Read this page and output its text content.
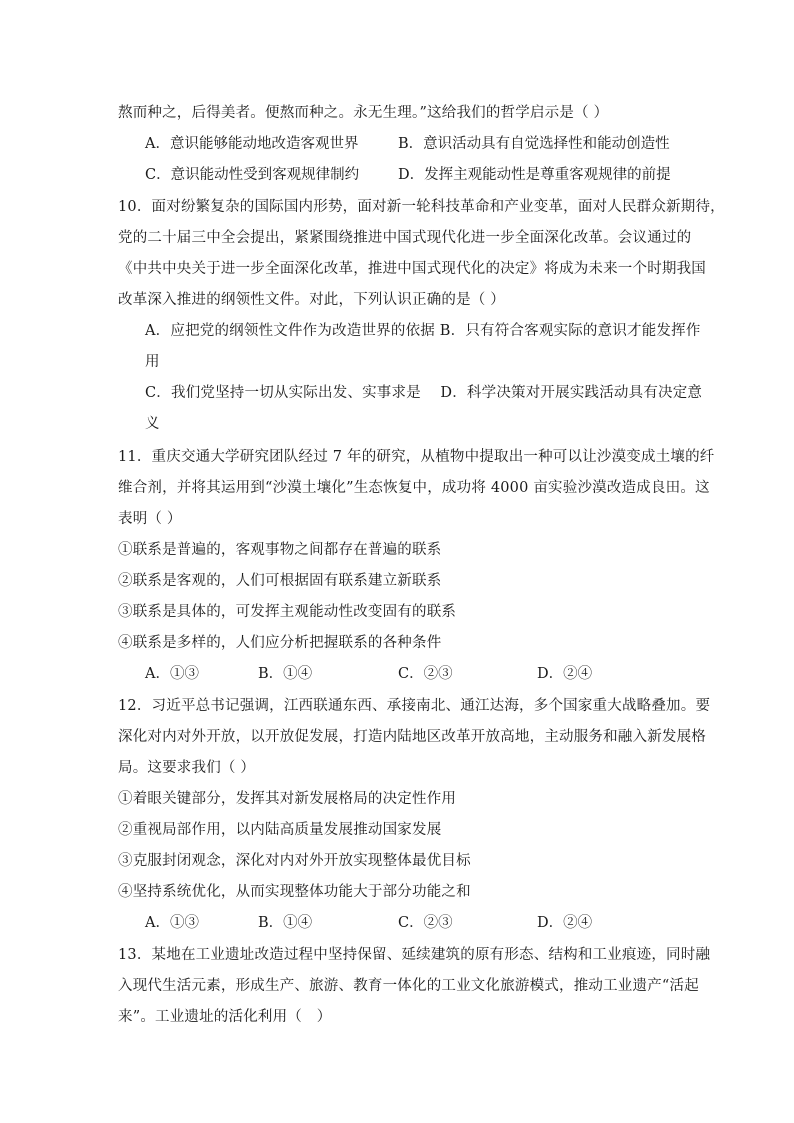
熬而种之，后得美者。便熬而种之。永无生理。”这给我们的哲学启示是（ ）
A．意识能够能动地改造客观世界	B．意识活动具有自觉选择性和能动创造性
C．意识能动性受到客观规律制约	D．发挥主观能动性是尊重客观规律的前提
10．面对纷繁复杂的国际国内形势，面对新一轮科技革命和产业变革，面对人民群众新期待，
党的二十届三中全会提出，紧紧围绕推进中国式现代化进一步全面深化改革。会议通过的
《中共中央关于进一步全面深化改革，推进中国式现代化的决定》将成为未来一个时期我国
改革深入推进的纲领性文件。对此，下列认识正确的是（ ）
A．应把党的纲领性文件作为改造世界的依据 B．只有符合客观实际的意识才能发挥作
用
C．我们党坚持一切从实际出发、实事求是　 D．科学决策对开展实践活动具有决定意
义
11．重庆交通大学研究团队经过 7 年的研究，从植物中提取出一种可以让沙漠变成土壤的纤
维合剂，并将其运用到“沙漠土壤化”生态恢复中，成功将 4000 亩实验沙漠改造成良田。这
表明（ ）
①联系是普遍的，客观事物之间都存在普遍的联系
②联系是客观的，人们可根据固有联系建立新联系
③联系是具体的，可发挥主观能动性改变固有的联系
④联系是多样的，人们应分析把握联系的各种条件
A．①③	B．①④	C．②③	D．②④
12．习近平总书记强调，江西联通东西、承接南北、通江达海，多个国家重大战略叠加。要
深化对内对外开放，以开放促发展，打造内陆地区改革开放高地，主动服务和融入新发展格
局。这要求我们（ ）
①着眼关键部分，发挥其对新发展格局的决定性作用
②重视局部作用，以内陆高质量发展推动国家发展
③克服封闭观念，深化对内对外开放实现整体最优目标
④坚持系统优化，从而实现整体功能大于部分功能之和
A．①③	B．①④	C．②③	D．②④
13．某地在工业遗址改造过程中坚持保留、延续建筑的原有形态、结构和工业痕迹，同时融
入现代生活元素，形成生产、旅游、教育一体化的工业文化旅游模式，推动工业遗产“活起
来”。工业遗址的活化利用（　）
